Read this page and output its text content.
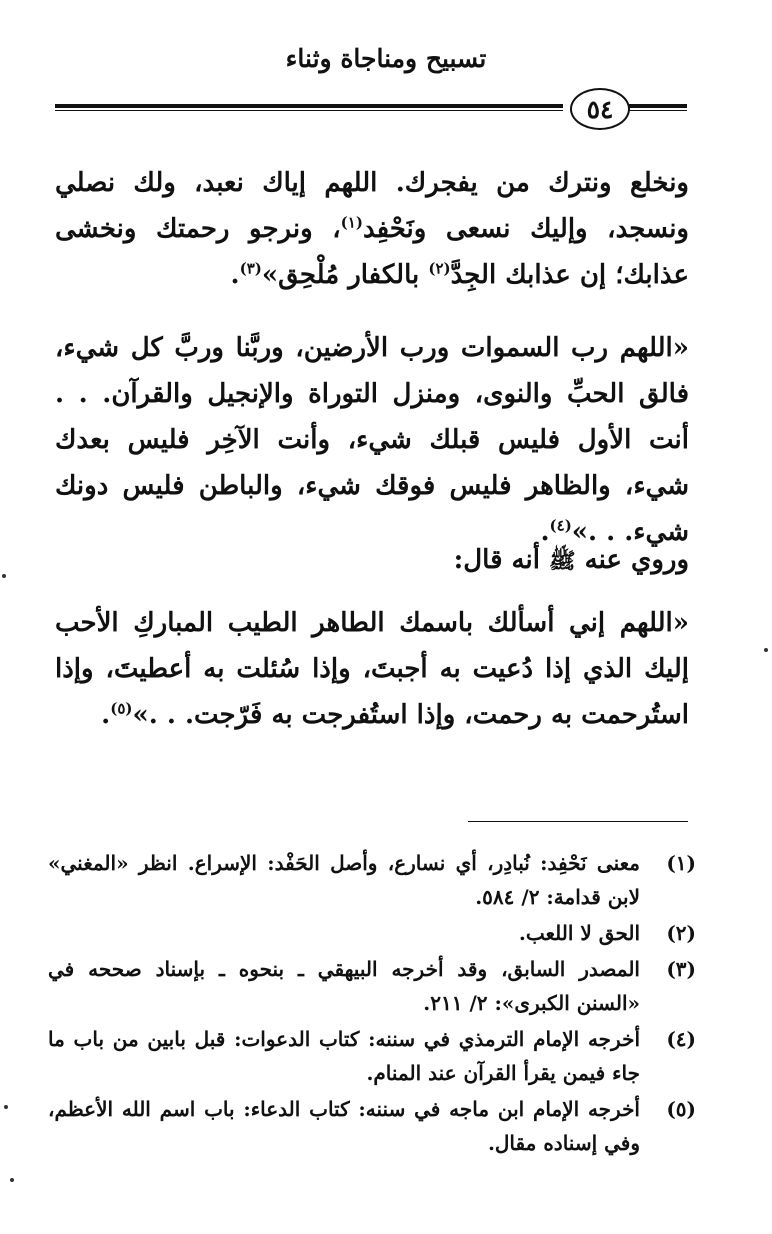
تسبيح ومناجاة وثناء
٥٤
ونخلع ونترك من يفجرك. اللهم إياك نعبد، ولك نصلي ونسجد، وإليك نسعى ونَحْفِد$^{(١)}$، ونرجو رحمتك ونخشى عذابك؛ إن عذابك الجِدَّ$^{(٢)}$ بالكفار مُلْحِق»$^{(٣)}$.
«اللهم رب السموات ورب الأرضين، وربَّنا وربَّ كل شيء، فالق الحبِّ والنوى، ومنزل التوراة والإنجيل والقرآن. . . أنت الأول فليس قبلك شيء، وأنت الآخِر فليس بعدك شيء، والظاهر فليس فوقك شيء، والباطن فليس دونك شيء. . .»$^{(٤)}$.
وروي عنه ﷺ أنه قال:
«اللهم إني أسألك باسمك الطاهر الطيب المباركِ الأحب إليك الذي إذا دُعيت به أجبتَ، وإذا سُئلت به أعطيتَ، وإذا استُرحمت به رحمت، وإذا استُفرجت به فَرّجت. . .»$^{(٥)}$.
(١)
معنى نَحْفِد: نُبادِر، أي نسارع، وأصل الحَفْد: الإسراع. انظر «المغني» لابن قدامة: ٢/ ٥٨٤.
(٢)
الحق لا اللعب.
(٣)
المصدر السابق، وقد أخرجه البيهقي ـ بنحوه ـ بإسناد صححه في «السنن الكبرى»: ٢/ ٢١١.
(٤)
أخرجه الإمام الترمذي في سننه: كتاب الدعوات: قبل بابين من باب ما جاء فيمن يقرأ القرآن عند المنام.
(٥)
أخرجه الإمام ابن ماجه في سننه: كتاب الدعاء: باب اسم الله الأعظم، وفي إسناده مقال.
